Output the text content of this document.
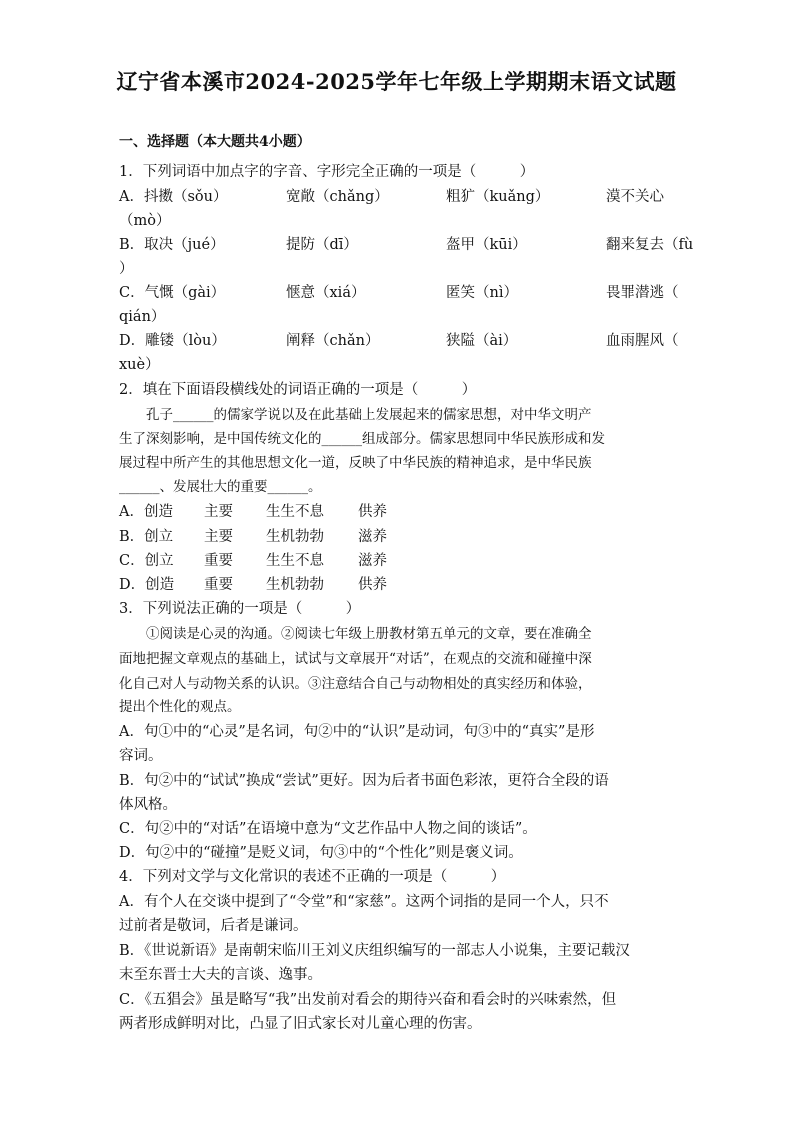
辽宁省本溪市2024-2025学年七年级上学期期末语文试题
一、选择题（本大题共4小题）
1．下列词语中加点字的字音、字形完全正确的一项是（　　　）
A．抖擞（sǒu）	宽敞（chǎng）	粗犷（kuǎng）	漠不关心
（mò）
B．取决（jué）	提防（dī）	盔甲（kūi）	翻来复去（fù
）
C．气慨（gài）	惬意（xiá）	匿笑（nì）	畏罪潜逃（
qián）
D．雕镂（lòu）	阐释（chǎn）	狭隘（ài）	血雨腥风（
xuè）
2．填在下面语段横线处的词语正确的一项是（　　　）
　　孔子______的儒家学说以及在此基础上发展起来的儒家思想，对中华文明产
生了深刻影响，是中国传统文化的______组成部分。儒家思想同中华民族形成和发
展过程中所产生的其他思想文化一道，反映了中华民族的精神追求，是中华民族
______、发展壮大的重要______。
A．创造 主要 生生不息 供养
B．创立 主要 生机勃勃 滋养
C．创立 重要 生生不息 滋养
D．创造 重要 生机勃勃 供养
3．下列说法正确的一项是（　　　）
　　①阅读是心灵的沟通。②阅读七年级上册教材第五单元的文章，要在准确全
面地把握文章观点的基础上，试试与文章展开“对话”，在观点的交流和碰撞中深
化自己对人与动物关系的认识。③注意结合自己与动物相处的真实经历和体验，
提出个性化的观点。
A．句①中的“心灵”是名词，句②中的“认识”是动词，句③中的“真实”是形
容词。
B．句②中的“试试”换成“尝试”更好。因为后者书面色彩浓，更符合全段的语
体风格。
C．句②中的“对话”在语境中意为“文艺作品中人物之间的谈话”。
D．句②中的“碰撞”是贬义词，句③中的“个性化”则是褒义词。
4．下列对文学与文化常识的表述不正确的一项是（　　　）
A．有个人在交谈中提到了“令堂”和“家慈”。这两个词指的是同一个人，只不
过前者是敬词，后者是谦词。
B．《世说新语》是南朝宋临川王刘义庆组织编写的一部志人小说集，主要记载汉
末至东晋士大夫的言谈、逸事。
C．《五猖会》虽是略写“我”出发前对看会的期待兴奋和看会时的兴味索然，但
两者形成鲜明对比，凸显了旧式家长对儿童心理的伤害。
